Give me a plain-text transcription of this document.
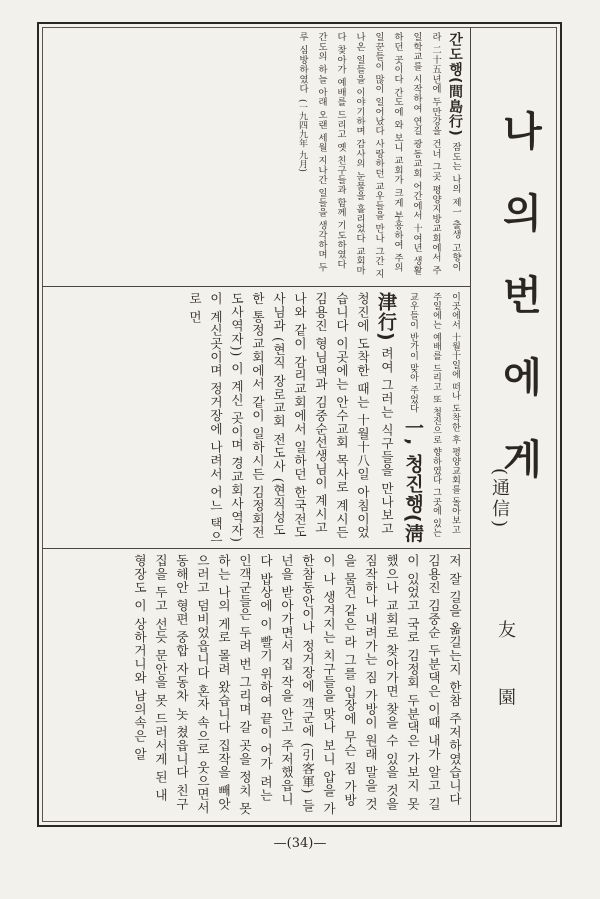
나 의 번 에 게
(通信)
友 園
간도행(間島行) 잠도는 나의 제一 출생 고향이라 二十五년에 두만강을 건너 그곳 평양지방교회에서 주일학교를 시작하여 연길 광동교회 어간에서 十여년 생활하던 곳이다 간도에 와 보니 교회가 크게 부흥하여 주의 일꾼들이 많이 일어났다 사랑하던 교우들을 만나 그간 지나온 일들을 이야기하며 감사의 눈물을 흘리었다 교회마다 찾아가 예배를 드리고 옛 친구들과 함께 기도하였다 간도의 하늘 아래 오랜 세월 지나간 일들을 생각하며 두루 심방하였다 (一九四九年 九月)
이곳에서 十월十일에 떠나 도착한 후 평양교회를 돌아보고 주일에는 예배를 드리고 또 청진으로 향하였다 그곳에 있는 교우들이 반가이 맞아 주었다 一, 청진행(淸津行) 려여 그러는 식구들을 만나보고 청진에 도착한 때는 十월十八일 아침이었습니다 이곳에는 안수교회 목사로 계시든 김용진 형님댁과 김중순선생님이 계시고 나와 같이 감리교회에서 일하던 한국전도사님과 (현직 장로교회 전도사 (현직성도한 통정교회에서 같이 일하시든 김정회전도사역자)) 이 계신 곳이며 경교회사역자) 이 계신곳이며 정거장에 나려서 어느 택으로 먼
저 잘 길을 옮길는지 한참 주저하였습니다 김용진 김중순 두분댁은 이때 내가 알고 길이 있었고 국로 김정회 두분댁은 가보지 못했으나 교회로 찾아가면 찾을 수 있을 것을 짐작하나 내려가는 짐 가방이 원래 말을 것을 물건 같은 라 그를 입장에 무슨 짐 가방이 나 생겨지는 치구들을 맞나 보니 압을 가 한참동안이나 정거장에 객군에 (引客軍) 들 넌을 받아가면서 집 작을 안고 주저했읍니다 밥상에 이 빨기 위하여 끝이 어가 려는 인객군들은 두려 번 그리며 갈 곳을 정치 못하는 나의 게로 몰려 왔습니다 집작을 빼앗으러고 덤비었읍니다 혼자 속으로 웃으면서 동해안 형편 중합 자동차 놋 쳤읍니다 친구집을 두고 선듯 문안을 못 드러서게 된 내 형장도 이 상하거니와 남의속은 알
—(34)—
